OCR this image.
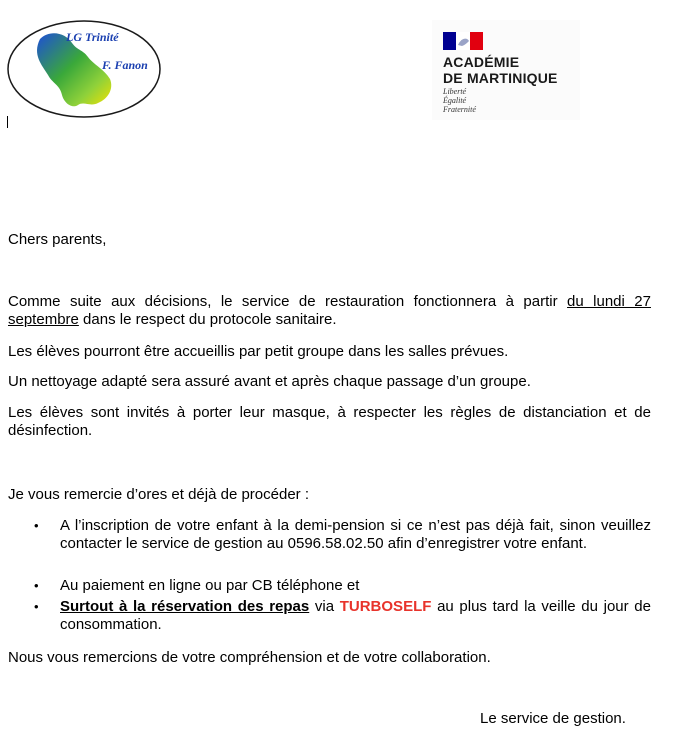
LG Trinité
F. Fanon	ACADÉMIE
DE MARTINIQUE
Liberté
Égalité
Fraternité

Chers parents,

Comme suite aux décisions, le service de restauration fonctionnera à partir du lundi 27 septembre dans le respect du protocole sanitaire.

Les élèves pourront être accueillis par petit groupe dans les salles prévues.

Un nettoyage adapté sera assuré avant et après chaque passage d’un groupe.

Les élèves sont invités à porter leur masque, à respecter les règles de distanciation et de désinfection.

Je vous remercie d’ores et déjà de procéder :

• A l’inscription de votre enfant à la demi-pension si ce n’est pas déjà fait, sinon veuillez contacter le service de gestion au 0596.58.02.50 afin d’enregistrer votre enfant.

• Au paiement en ligne ou par CB téléphone et

• Surtout à la réservation des repas via TURBOSELF au plus tard la veille du jour de consommation.

Nous vous remercions de votre compréhension et de votre collaboration.

Le service de gestion.
